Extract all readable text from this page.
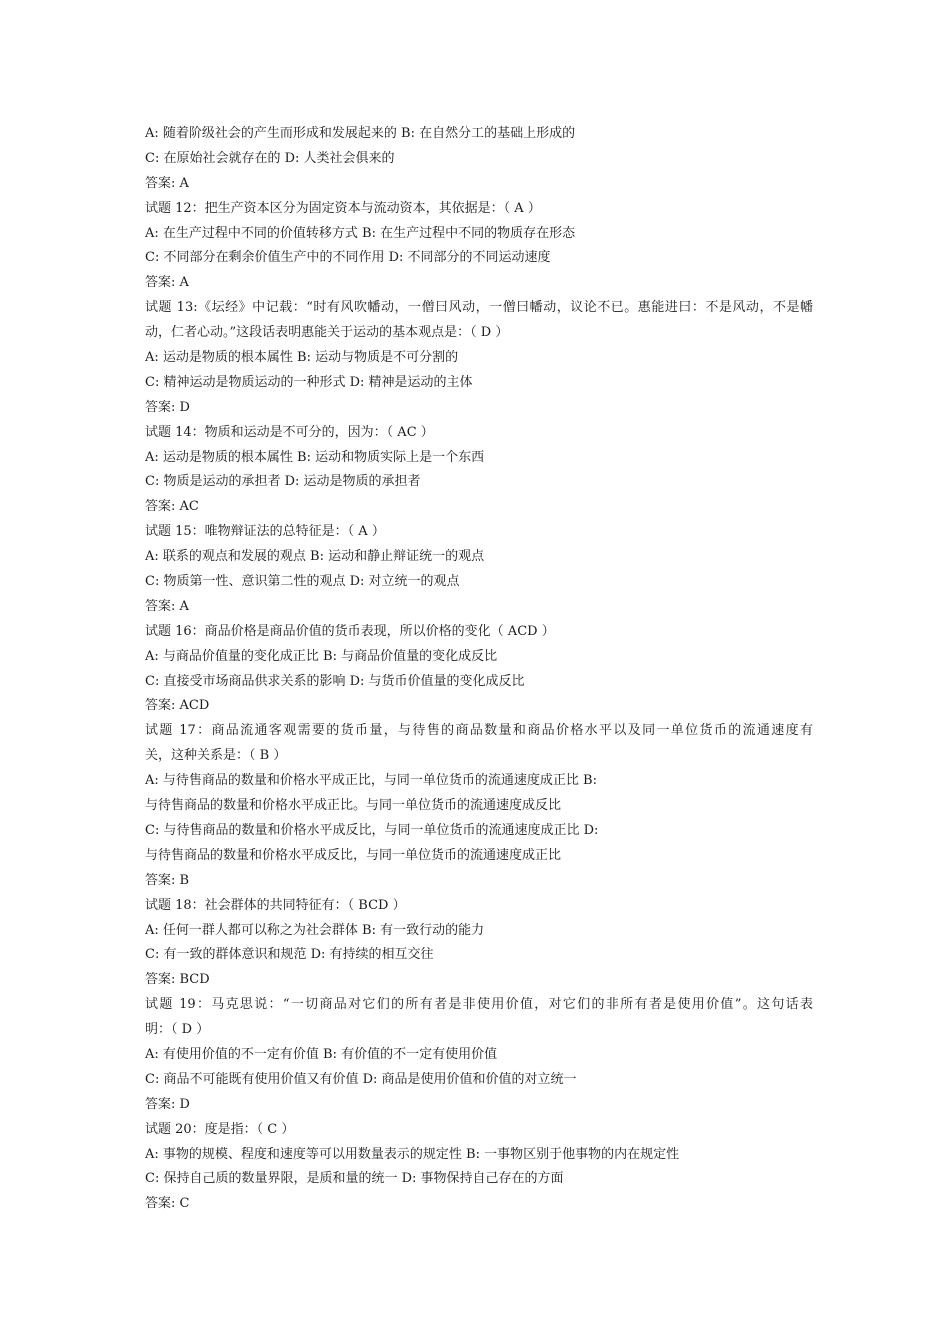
A: 随着阶级社会的产生而形成和发展起来的 B: 在自然分工的基础上形成的
C: 在原始社会就存在的 D: 人类社会俱来的
答案: A
试题 12：把生产资本区分为固定资本与流动资本，其依据是：（ A ）
A: 在生产过程中不同的价值转移方式 B: 在生产过程中不同的物质存在形态
C: 不同部分在剩余价值生产中的不同作用 D: 不同部分的不同运动速度
答案: A
试题 13:《坛经》中记载：“时有风吹幡动，一僧曰风动，一僧曰幡动，议论不已。惠能进曰：不是风动，不是幡
动，仁者心动。”这段话表明惠能关于运动的基本观点是：（ D ）
A: 运动是物质的根本属性 B: 运动与物质是不可分割的
C: 精神运动是物质运动的一种形式 D: 精神是运动的主体
答案: D
试题 14：物质和运动是不可分的，因为：（ AC ）
A: 运动是物质的根本属性 B: 运动和物质实际上是一个东西
C: 物质是运动的承担者 D: 运动是物质的承担者
答案: AC
试题 15：唯物辩证法的总特征是：（ A ）
A: 联系的观点和发展的观点 B: 运动和静止辩证统一的观点
C: 物质第一性、意识第二性的观点 D: 对立统一的观点
答案: A
试题 16：商品价格是商品价值的货币表现，所以价格的变化（ ACD ）
A: 与商品价值量的变化成正比 B: 与商品价值量的变化成反比
C: 直接受市场商品供求关系的影响 D: 与货币价值量的变化成反比
答案: ACD
试题 17：商品流通客观需要的货币量，与待售的商品数量和商品价格水平以及同一单位货币的流通速度有
关，这种关系是：（ B ）
A: 与待售商品的数量和价格水平成正比，与同一单位货币的流通速度成正比 B:
与待售商品的数量和价格水平成正比。与同一单位货币的流通速度成反比
C: 与待售商品的数量和价格水平成反比，与同一单位货币的流通速度成正比 D:
与待售商品的数量和价格水平成反比，与同一单位货币的流通速度成正比
答案: B
试题 18：社会群体的共同特征有：（ BCD ）
A: 任何一群人都可以称之为社会群体 B: 有一致行动的能力
C: 有一致的群体意识和规范 D: 有持续的相互交往
答案: BCD
试题 19：马克思说：“一切商品对它们的所有者是非使用价值，对它们的非所有者是使用价值”。这句话表
明：（ D ）
A: 有使用价值的不一定有价值 B: 有价值的不一定有使用价值
C: 商品不可能既有使用价值又有价值 D: 商品是使用价值和价值的对立统一
答案: D
试题 20：度是指：（ C ）
A: 事物的规模、程度和速度等可以用数量表示的规定性 B: 一事物区别于他事物的内在规定性
C: 保持自己质的数量界限，是质和量的统一 D: 事物保持自己存在的方面
答案: C
